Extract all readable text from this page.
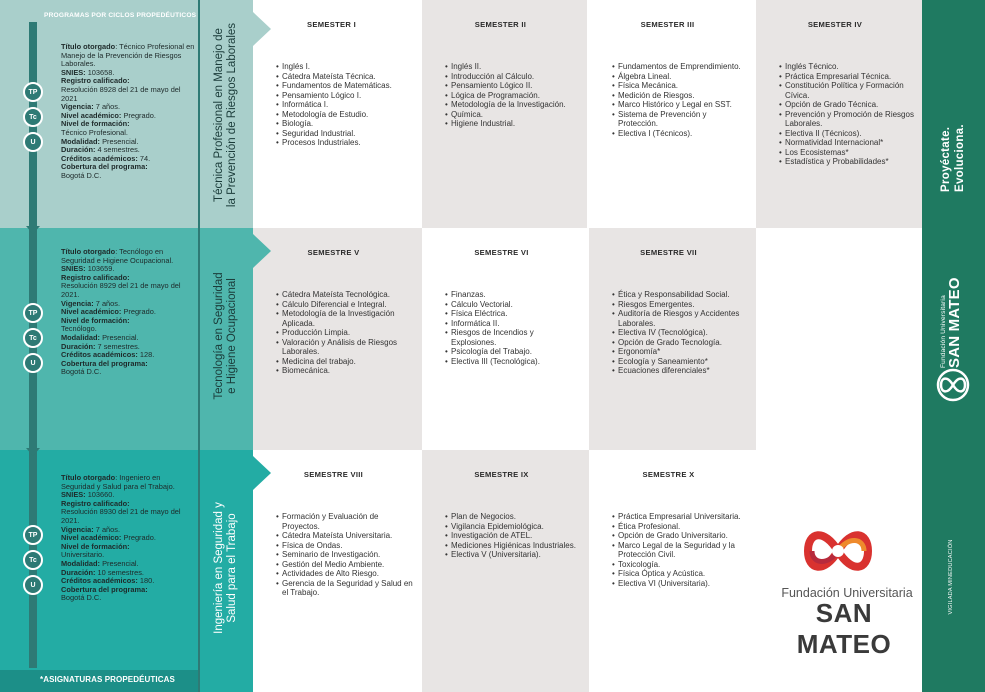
PROGRAMAS POR CICLOS PROPEDÉUTICOS
TP
Tc
U
TP
Tc
U
TP
Tc
U
Título otorgado: Técnico Profesional en Manejo de la Prevención de Riesgos Laborales.
SNIES: 103658.
Registro calificado:
Resolución 8928 del 21 de mayo del 2021
Vigencia: 7 años.
Nivel académico: Pregrado.
Nivel de formación:
Técnico Profesional.
Modalidad: Presencial.
Duración: 4 semestres.
Créditos académicos: 74.
Cobertura del programa:
Bogotá D.C.
Título otorgado: Tecnólogo en Seguridad e Higiene Ocupacional.
SNIES: 103659.
Registro calificado:
Resolución 8929 del 21 de mayo del 2021.
Vigencia: 7 años.
Nivel académico: Pregrado.
Nivel de formación:
Tecnólogo.
Modalidad: Presencial.
Duración: 7 semestres.
Créditos académicos: 128.
Cobertura del programa:
Bogotá D.C.
Título otorgado: Ingeniero en Seguridad y Salud para el Trabajo.
SNIES: 103660.
Registro calificado:
Resolución 8930 del 21 de mayo del 2021.
Vigencia: 7 años.
Nivel académico: Pregrado.
Nivel de formación:
Universitario.
Modalidad: Presencial.
Duración: 10 semestres.
Créditos académicos: 180.
Cobertura del programa:
Bogotá D.C.
*ASIGNATURAS PROPEDÉUTICAS
Técnica Profesional en Manejo de
la Prevención de Riesgos Laborales
Tecnología en Seguridad
e Higiene Ocupacional
Ingeniería en Seguridad y
Salud para el Trabajo
SEMESTER I
• Inglés I.
• Cátedra Mateísta Técnica.
• Fundamentos de Matemáticas.
• Pensamiento Lógico I.
• Informática I.
• Metodología de Estudio.
• Biología.
• Seguridad Industrial.
• Procesos Industriales.
SEMESTER II
• Inglés II.
• Introducción al Cálculo.
• Pensamiento Lógico II.
• Lógica de Programación.
• Metodología de la Investigación.
• Química.
• Higiene Industrial.
SEMESTER III
• Fundamentos de Emprendimiento.
• Álgebra Lineal.
• Física Mecánica.
• Medición de Riesgos.
• Marco Histórico y Legal en SST.
• Sistema de Prevención y Protección.
• Electiva I (Técnicos).
SEMESTER IV
• Inglés Técnico.
• Práctica Empresarial Técnica.
• Constitución Política y Formación Cívica.
• Opción de Grado Técnica.
• Prevención y Promoción de Riesgos Laborales.
• Electiva II (Técnicos).
• Normatividad Internacional*
• Los Ecosistemas*
• Estadística y Probabilidades*
SEMESTRE V
• Cátedra Mateísta Tecnológica.
• Cálculo Diferencial e Integral.
• Metodología de la Investigación Aplicada.
• Producción Limpia.
• Valoración y Análisis de Riesgos Laborales.
• Medicina del trabajo.
• Biomecánica.
SEMESTRE VI
• Finanzas.
• Cálculo Vectorial.
• Física Eléctrica.
• Informática II.
• Riesgos de Incendios y Explosiones.
• Psicología del Trabajo.
• Electiva III (Tecnológica).
SEMESTRE VII
• Ética y Responsabilidad Social.
• Riesgos Emergentes.
• Auditoría de Riesgos y Accidentes Laborales.
• Electiva IV (Tecnológica).
• Opción de Grado Tecnología.
• Ergonomía*
• Ecología y Saneamiento*
• Ecuaciones diferenciales*
SEMESTRE VIII
• Formación y Evaluación de Proyectos.
• Cátedra Mateísta Universitaria.
• Física de Ondas.
• Seminario de Investigación.
• Gestión del Medio Ambiente.
• Actividades de Alto Riesgo.
• Gerencia de la Seguridad y Salud en el Trabajo.
SEMESTRE IX
• Plan de Negocios.
• Vigilancia Epidemiológica.
• Investigación de ATEL.
• Mediciones Higiénicas Industriales.
• Electiva V (Universitaria).
SEMESTRE X
• Práctica Empresarial Universitaria.
• Ética Profesional.
• Opción de Grado Universitario.
• Marco Legal de la Seguridad y la Protección Civil.
• Toxicología.
• Física Óptica y Acústica.
• Electiva VI (Universitaria).
Fundación Universitaria
SAN MATEO
Proyéctate. Evoluciona.
Fundación Universitaria SAN MATEO
VIGILADA MINEDUCACIÓN
